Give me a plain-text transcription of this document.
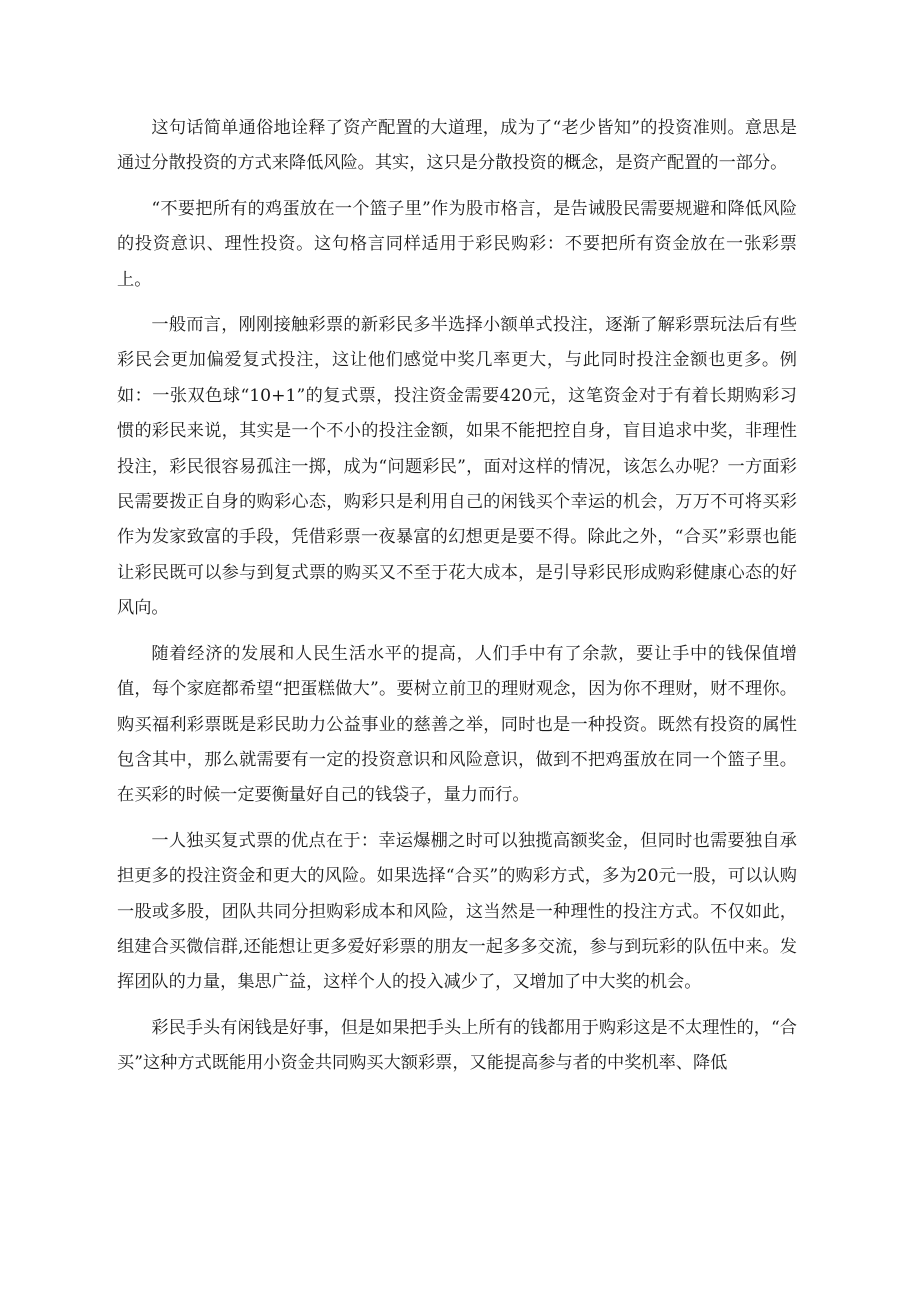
这句话简单通俗地诠释了资产配置的大道理，成为了“老少皆知”的投资准则。意思是通过分散投资的方式来降低风险。其实，这只是分散投资的概念，是资产配置的一部分。

“不要把所有的鸡蛋放在一个篮子里”作为股市格言，是告诫股民需要规避和降低风险的投资意识、理性投资。这句格言同样适用于彩民购彩：不要把所有资金放在一张彩票上。

一般而言，刚刚接触彩票的新彩民多半选择小额单式投注，逐渐了解彩票玩法后有些彩民会更加偏爱复式投注，这让他们感觉中奖几率更大，与此同时投注金额也更多。例如：一张双色球“10+1”的复式票，投注资金需要420元，这笔资金对于有着长期购彩习惯的彩民来说，其实是一个不小的投注金额，如果不能把控自身，盲目追求中奖，非理性投注，彩民很容易孤注一掷，成为“问题彩民”，面对这样的情况，该怎么办呢？一方面彩民需要拨正自身的购彩心态，购彩只是利用自己的闲钱买个幸运的机会，万万不可将买彩作为发家致富的手段，凭借彩票一夜暴富的幻想更是要不得。除此之外，“合买”彩票也能让彩民既可以参与到复式票的购买又不至于花大成本，是引导彩民形成购彩健康心态的好风向。

随着经济的发展和人民生活水平的提高，人们手中有了余款，要让手中的钱保值增值，每个家庭都希望“把蛋糕做大”。要树立前卫的理财观念，因为你不理财，财不理你。购买福利彩票既是彩民助力公益事业的慈善之举，同时也是一种投资。既然有投资的属性包含其中，那么就需要有一定的投资意识和风险意识，做到不把鸡蛋放在同一个篮子里。在买彩的时候一定要衡量好自己的钱袋子，量力而行。

一人独买复式票的优点在于：幸运爆棚之时可以独揽高额奖金，但同时也需要独自承担更多的投注资金和更大的风险。如果选择“合买”的购彩方式，多为20元一股，可以认购一股或多股，团队共同分担购彩成本和风险，这当然是一种理性的投注方式。不仅如此，组建合买微信群,还能想让更多爱好彩票的朋友一起多多交流，参与到玩彩的队伍中来。发挥团队的力量，集思广益，这样个人的投入减少了，又增加了中大奖的机会。

彩民手头有闲钱是好事，但是如果把手头上所有的钱都用于购彩这是不太理性的，“合买”这种方式既能用小资金共同购买大额彩票，又能提高参与者的中奖机率、降低
